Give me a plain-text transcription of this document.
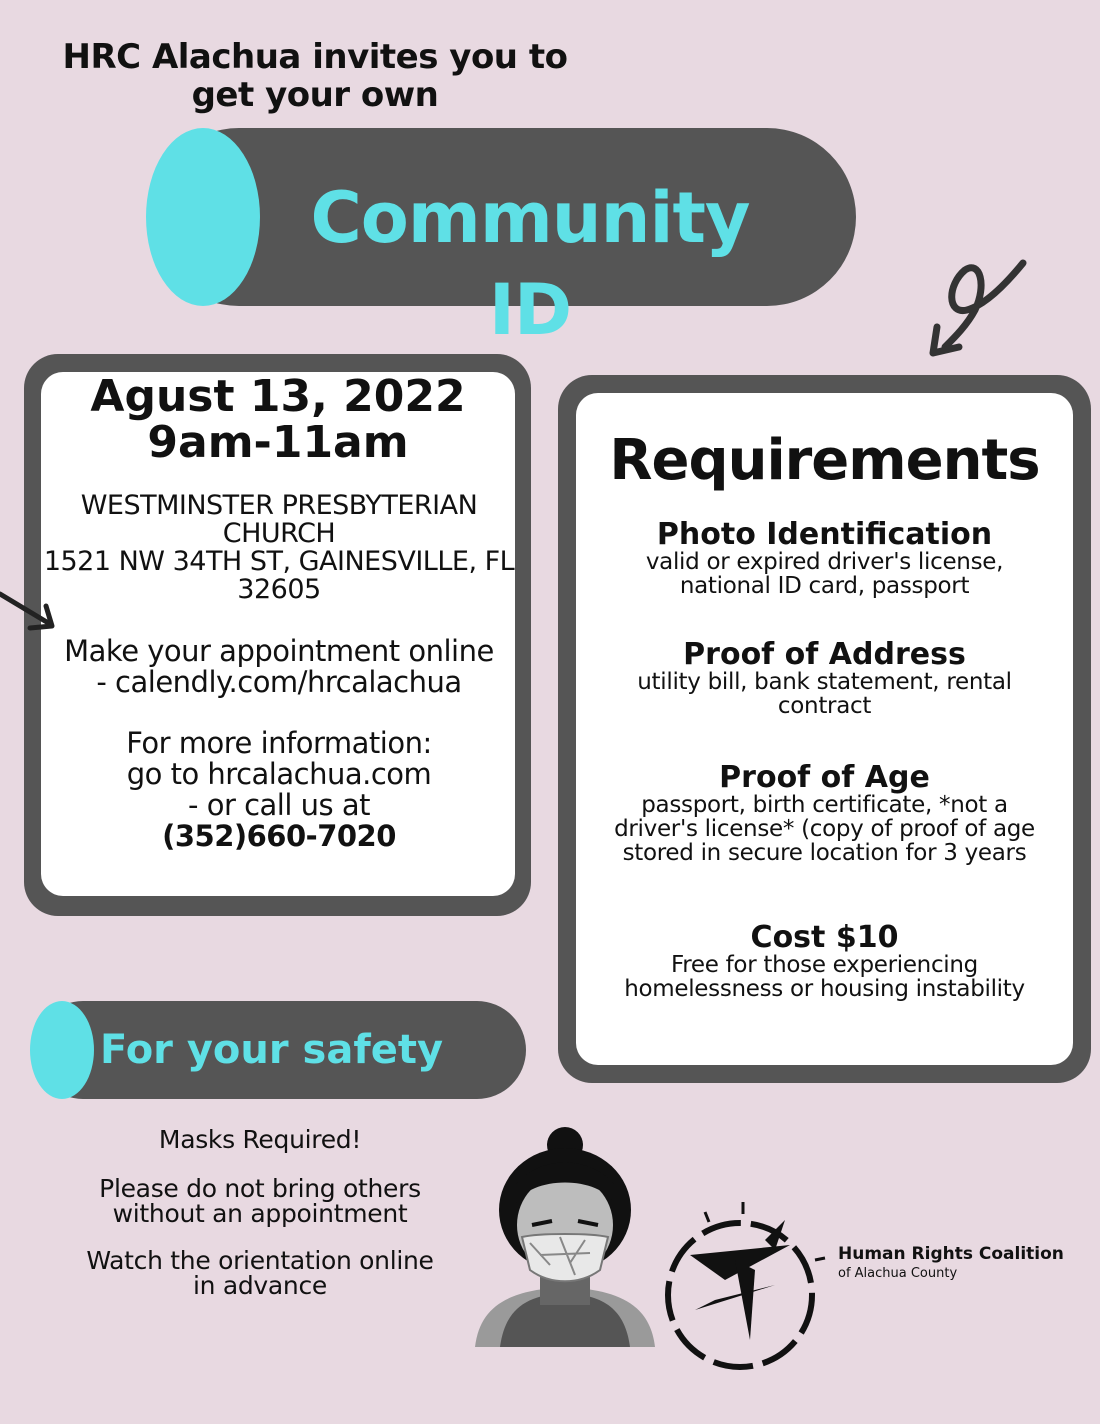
HRC Alachua invites you to
get your own
Community ID
Agust 13, 2022
9am-11am
WESTMINSTER PRESBYTERIAN
CHURCH
1521 NW 34TH ST, GAINESVILLE, FL
32605
Make your appointment online
- calendly.com/hrcalachua
For more information:
go to hrcalachua.com
- or call us at
(352)660-7020
Requirements
Photo Identification
valid or expired driver's license,
national ID card, passport
Proof of Address
utility bill, bank statement, rental
contract
Proof of Age
passport, birth certificate, *not a
driver's license* (copy of proof of age
stored in secure location for 3 years
Cost $10
Free for those experiencing
homelessness or housing instability
For your safety
Masks Required!
Please do not bring others
without an appointment
Watch the orientation online
in advance
Human Rights Coalition
of Alachua County
